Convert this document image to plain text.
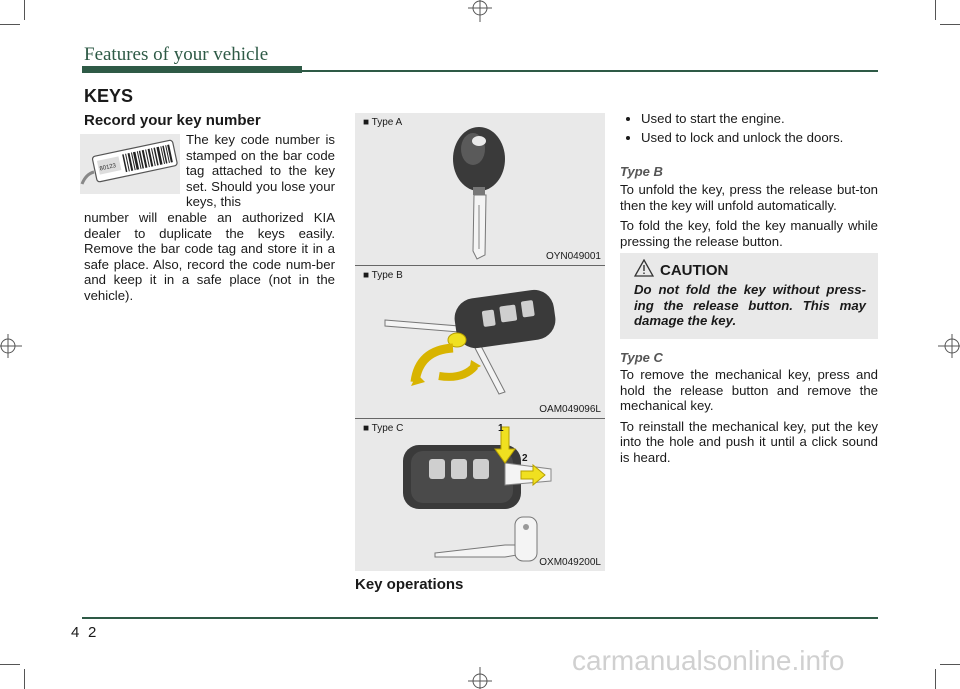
Features of your vehicle
KEYS
Record your key number
80123
The key code number is stamped on the bar code tag attached to the key set. Should you lose your keys, this
number will enable an authorized KIA dealer to duplicate the keys easily. Remove the bar code tag and store it in a safe place. Also, record the code num-ber and keep it in a safe place (not in the vehicle).
■ Type A
OYN049001
■ Type B
OAM049096L
■ Type C	1
2
OXM049200L
Key operations
• Used to start the engine.
• Used to lock and unlock the doors.
Type B

To unfold the key, press the release but-ton then the key will unfold automatically.

To fold the key, fold the key manually while pressing the release button.

CAUTION
Do not fold the key without press-ing the release button. This may damage the key.
Type C

To remove the mechanical key, press and hold the release button and remove the mechanical key.

To reinstall the mechanical key, put the key into the hole and push it until a click sound is heard.

4 2
carmanualsonline.info
